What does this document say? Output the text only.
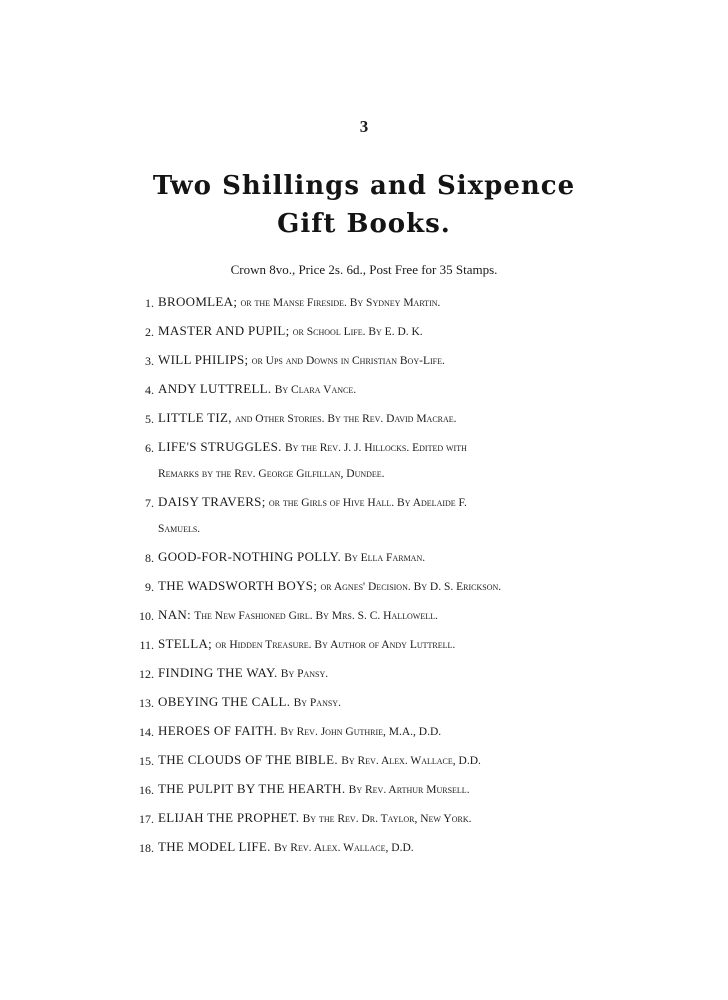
3
Two Shillings and Sixpence
Gift Books.
Crown 8vo., Price 2s. 6d., Post Free for 35 Stamps.
1. BROOMLEA; or the Manse Fireside. By Sydney Martin.
2. MASTER AND PUPIL; or School Life. By E. D. K.
3. WILL PHILIPS; or Ups and Downs in Christian Boy-Life.
4. ANDY LUTTRELL. By Clara Vance.
5. LITTLE TIZ, and Other Stories. By the Rev. David Macrae.
6. LIFE'S STRUGGLES. By the Rev. J. J. Hillocks. Edited with
Remarks by the Rev. George Gilfillan, Dundee.
7. DAISY TRAVERS; or the Girls of Hive Hall. By Adelaide F.
Samuels.
8. GOOD-FOR-NOTHING POLLY. By Ella Farman.
9. THE WADSWORTH BOYS; or Agnes' Decision. By D. S. Erickson.
10. NAN: The New Fashioned Girl. By Mrs. S. C. Hallowell.
11. STELLA; or Hidden Treasure. By Author of Andy Luttrell.
12. FINDING THE WAY. By Pansy.
13. OBEYING THE CALL. By Pansy.
14. HEROES OF FAITH. By Rev. John Guthrie, M.A., D.D.
15. THE CLOUDS OF THE BIBLE. By Rev. Alex. Wallace, D.D.
16. THE PULPIT BY THE HEARTH. By Rev. Arthur Mursell.
17. ELIJAH THE PROPHET. By the Rev. Dr. Taylor, New York.
18. THE MODEL LIFE. By Rev. Alex. Wallace, D.D.
